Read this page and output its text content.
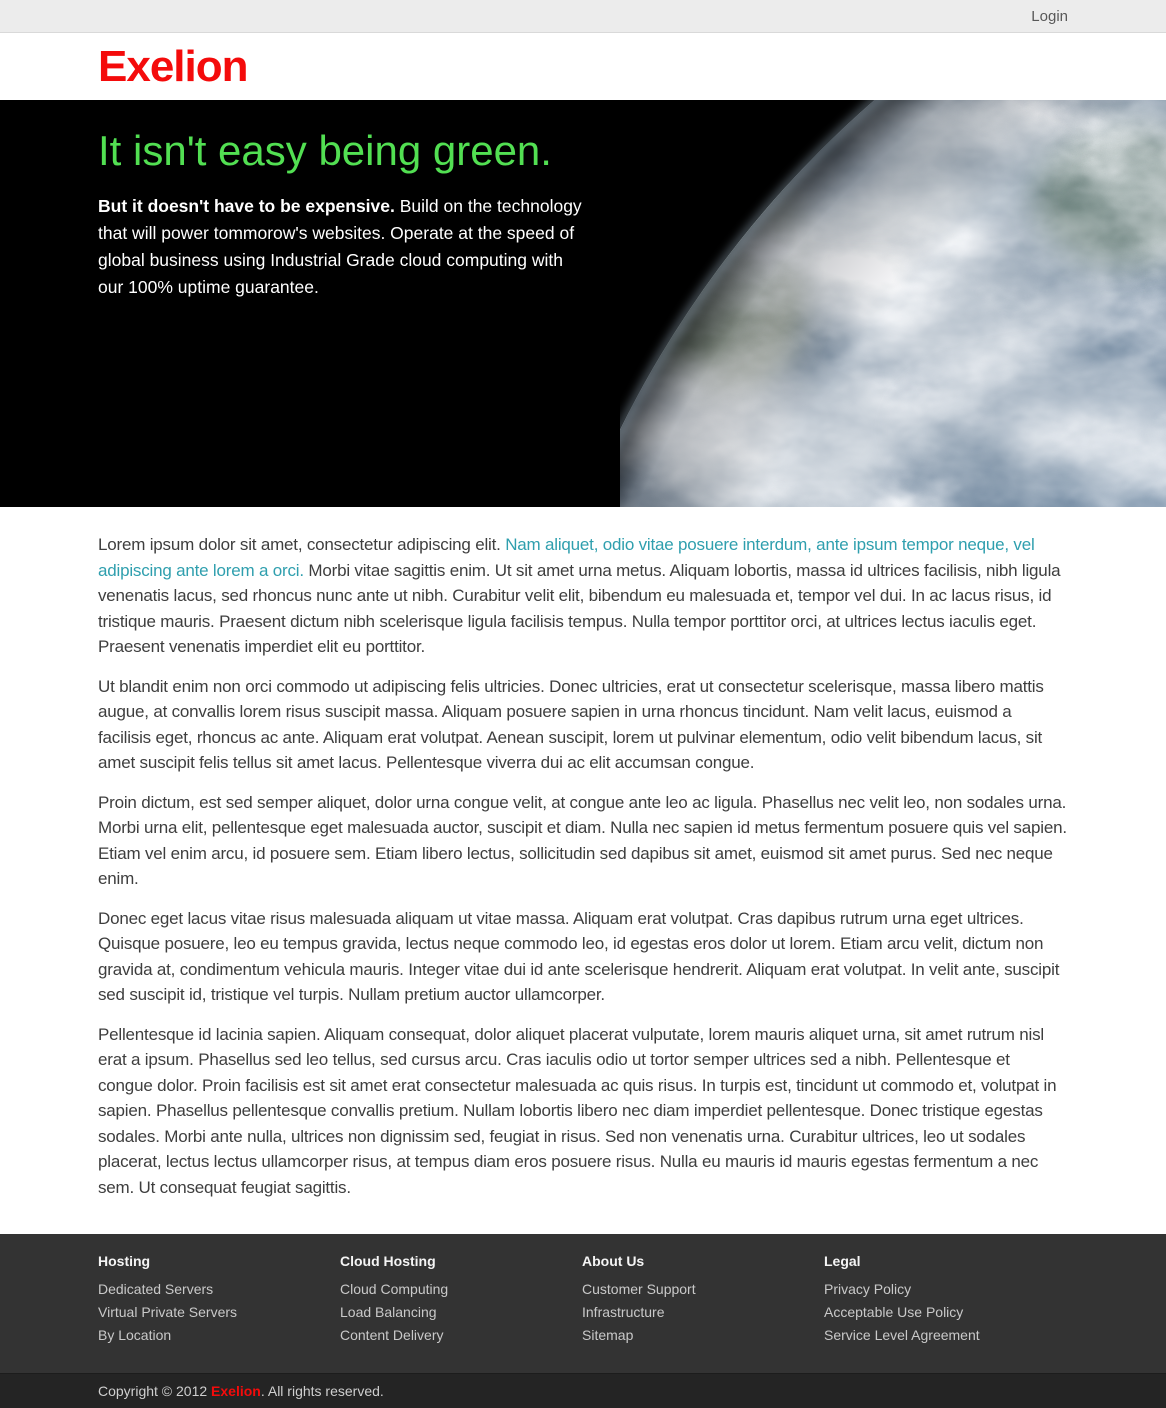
Login
Exelion
It isn't easy being green.

But it doesn't have to be expensive. Build on the technology that will power tommorow's websites. Operate at the speed of global business using Industrial Grade cloud computing with our 100% uptime guarantee.

Lorem ipsum dolor sit amet, consectetur adipiscing elit. Nam aliquet, odio vitae posuere interdum, ante ipsum tempor neque, vel adipiscing ante lorem a orci. Morbi vitae sagittis enim. Ut sit amet urna metus. Aliquam lobortis, massa id ultrices facilisis, nibh ligula venenatis lacus, sed rhoncus nunc ante ut nibh. Curabitur velit elit, bibendum eu malesuada et, tempor vel dui. In ac lacus risus, id tristique mauris. Praesent dictum nibh scelerisque ligula facilisis tempus. Nulla tempor porttitor orci, at ultrices lectus iaculis eget. Praesent venenatis imperdiet elit eu porttitor.

Ut blandit enim non orci commodo ut adipiscing felis ultricies. Donec ultricies, erat ut consectetur scelerisque, massa libero mattis augue, at convallis lorem risus suscipit massa. Aliquam posuere sapien in urna rhoncus tincidunt. Nam velit lacus, euismod a facilisis eget, rhoncus ac ante. Aliquam erat volutpat. Aenean suscipit, lorem ut pulvinar elementum, odio velit bibendum lacus, sit amet suscipit felis tellus sit amet lacus. Pellentesque viverra dui ac elit accumsan congue.

Proin dictum, est sed semper aliquet, dolor urna congue velit, at congue ante leo ac ligula. Phasellus nec velit leo, non sodales urna. Morbi urna elit, pellentesque eget malesuada auctor, suscipit et diam. Nulla nec sapien id metus fermentum posuere quis vel sapien. Etiam vel enim arcu, id posuere sem. Etiam libero lectus, sollicitudin sed dapibus sit amet, euismod sit amet purus. Sed nec neque enim.

Donec eget lacus vitae risus malesuada aliquam ut vitae massa. Aliquam erat volutpat. Cras dapibus rutrum urna eget ultrices. Quisque posuere, leo eu tempus gravida, lectus neque commodo leo, id egestas eros dolor ut lorem. Etiam arcu velit, dictum non gravida at, condimentum vehicula mauris. Integer vitae dui id ante scelerisque hendrerit. Aliquam erat volutpat. In velit ante, suscipit sed suscipit id, tristique vel turpis. Nullam pretium auctor ullamcorper.

Pellentesque id lacinia sapien. Aliquam consequat, dolor aliquet placerat vulputate, lorem mauris aliquet urna, sit amet rutrum nisl erat a ipsum. Phasellus sed leo tellus, sed cursus arcu. Cras iaculis odio ut tortor semper ultrices sed a nibh. Pellentesque et congue dolor. Proin facilisis est sit amet erat consectetur malesuada ac quis risus. In turpis est, tincidunt ut commodo et, volutpat in sapien. Phasellus pellentesque convallis pretium. Nullam lobortis libero nec diam imperdiet pellentesque. Donec tristique egestas sodales. Morbi ante nulla, ultrices non dignissim sed, feugiat in risus. Sed non venenatis urna. Curabitur ultrices, leo ut sodales placerat, lectus lectus ullamcorper risus, at tempus diam eros posuere risus. Nulla eu mauris id mauris egestas fermentum a nec sem. Ut consequat feugiat sagittis.

Hosting
Dedicated Servers
Virtual Private Servers
By Location
Cloud Hosting
Cloud Computing
Load Balancing
Content Delivery
About Us
Customer Support
Infrastructure
Sitemap
Legal
Privacy Policy
Acceptable Use Policy
Service Level Agreement
Copyright © 2012 Exelion. All rights reserved.
